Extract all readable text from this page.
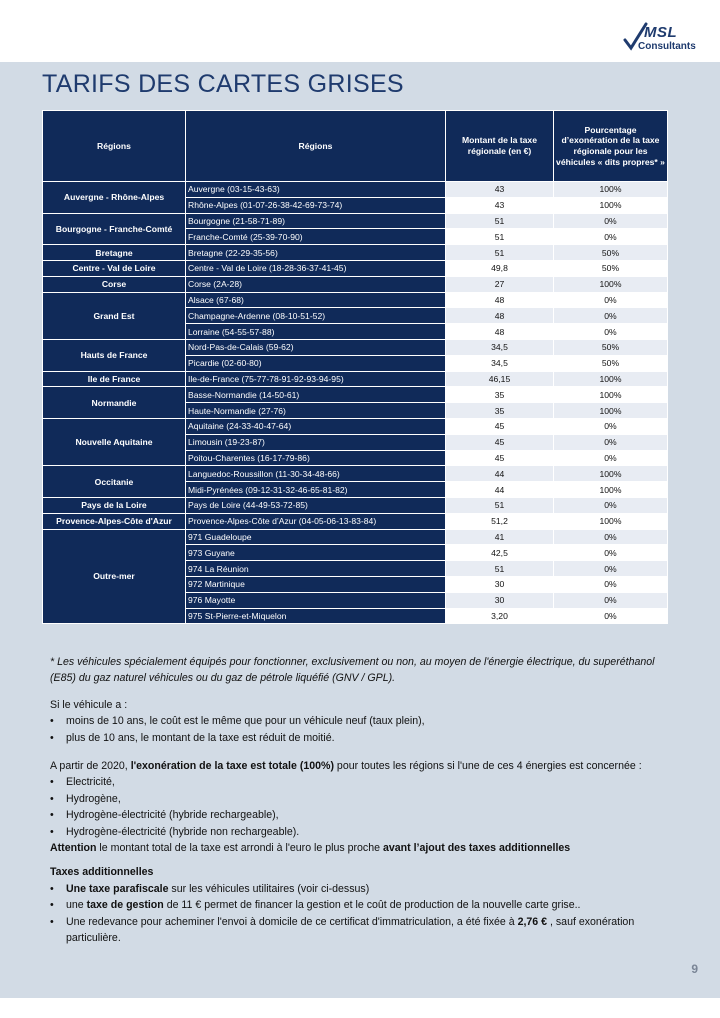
MSL
Consultants
TARIFS DES CARTES GRISES
Régions	Régions	Montant de la taxe régionale (en €)	Pourcentage d’exonération de la taxe régionale pour les véhicules « dits propres* »
Auvergne - Rhône-Alpes	Auvergne (03-15-43-63)	43	100%
	Rhône-Alpes (01-07-26-38-42-69-73-74)	43	100%
Bourgogne - Franche-Comté	Bourgogne (21-58-71-89)	51	0%
	Franche-Comté (25-39-70-90)	51	0%
Bretagne	Bretagne (22-29-35-56)	51	50%
Centre - Val de Loire	Centre - Val de Loire (18-28-36-37-41-45)	49,8	50%
Corse	Corse (2A-28)	27	100%
Grand Est	Alsace (67-68)	48	0%
	Champagne-Ardenne (08-10-51-52)	48	0%
	Lorraine (54-55-57-88)	48	0%
Hauts de France	Nord-Pas-de-Calais (59-62)	34,5	50%
	Picardie (02-60-80)	34,5	50%
Ile de France	Ile-de-France (75-77-78-91-92-93-94-95)	46,15	100%
Normandie	Basse-Normandie (14-50-61)	35	100%
	Haute-Normandie (27-76)	35	100%
Nouvelle Aquitaine	Aquitaine (24-33-40-47-64)	45	0%
	Limousin (19-23-87)	45	0%
	Poitou-Charentes (16-17-79-86)	45	0%
Occitanie	Languedoc-Roussillon (11-30-34-48-66)	44	100%
	Midi-Pyrénées (09-12-31-32-46-65-81-82)	44	100%
Pays de la Loire	Pays de Loire (44-49-53-72-85)	51	0%
Provence-Alpes-Côte d'Azur	Provence-Alpes-Côte d’Azur (04-05-06-13-83-84)	51,2	100%
Outre-mer	971 Guadeloupe	41	0%
	973 Guyane	42,5	0%
	974 La Réunion	51	0%
	972 Martinique	30	0%
	976 Mayotte	30	0%
	975 St-Pierre-et-Miquelon	3,20	0%

* Les véhicules spécialement équipés pour fonctionner, exclusivement ou non, au moyen de l'énergie électrique, du superéthanol (E85) du gaz naturel véhicules ou du gaz de pétrole liquéfié (GNV / GPL).

Si le véhicule a :

• moins de 10 ans, le coût est le même que pour un véhicule neuf (taux plein),
• plus de 10 ans, le montant de la taxe est réduit de moitié.

A partir de 2020, l'exonération de la taxe est totale (100%) pour toutes les régions si l'une de ces 4 énergies est concernée :

• Electricité,
• Hydrogène,
• Hydrogène-électricité (hybride rechargeable),
• Hydrogène-électricité (hybride non rechargeable).

Attention le montant total de la taxe est arrondi à l'euro le plus proche avant l’ajout des taxes additionnelles

Taxes additionnelles

• Une taxe parafiscale sur les véhicules utilitaires (voir ci-dessus)
• une taxe de gestion de 11 € permet de financer la gestion et le coût de production de la nouvelle carte grise..
• Une redevance pour acheminer l'envoi à domicile de ce certificat d'immatriculation, a été fixée à 2,76 € , sauf exonération particulière.
9
